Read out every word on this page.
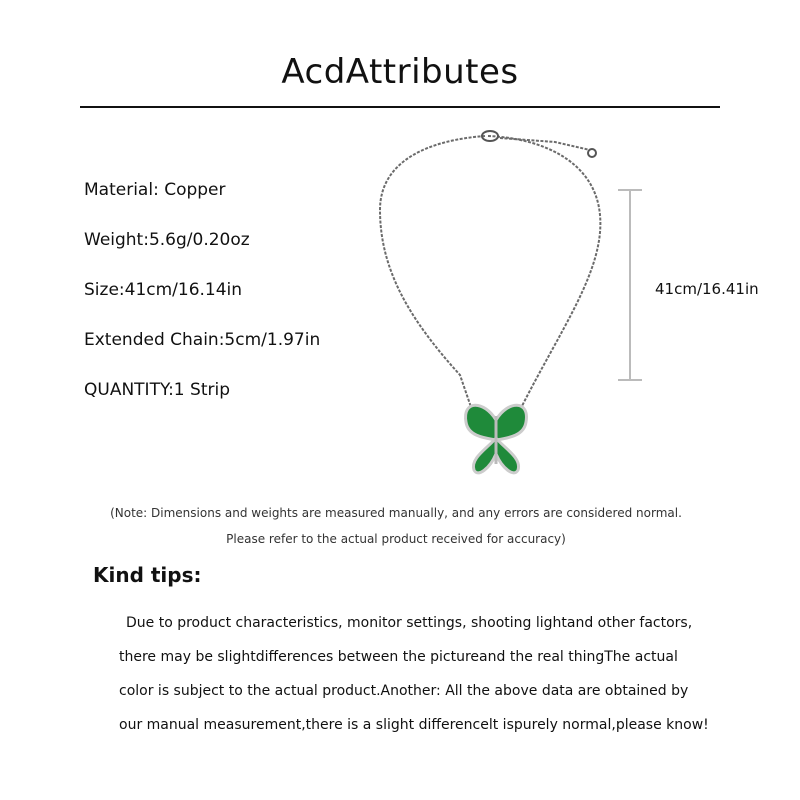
AcdAttributes
Material: Copper
Weight:5.6g/0.20oz
Size:41cm/16.14in
Extended Chain:5cm/1.97in
QUANTITY:1 Strip
41cm/16.41in
(Note: Dimensions and weights are measured manually, and any errors are considered normal.
Please refer to the actual product received for accuracy)
Kind tips:
Due to product characteristics, monitor settings, shooting lightand other factors,
there may be slightdifferences between the pictureand the real thingThe actual
color is subject to the actual product.Another: All the above data are obtained by
our manual measurement,there is a slight differencelt ispurely normal,please know!
